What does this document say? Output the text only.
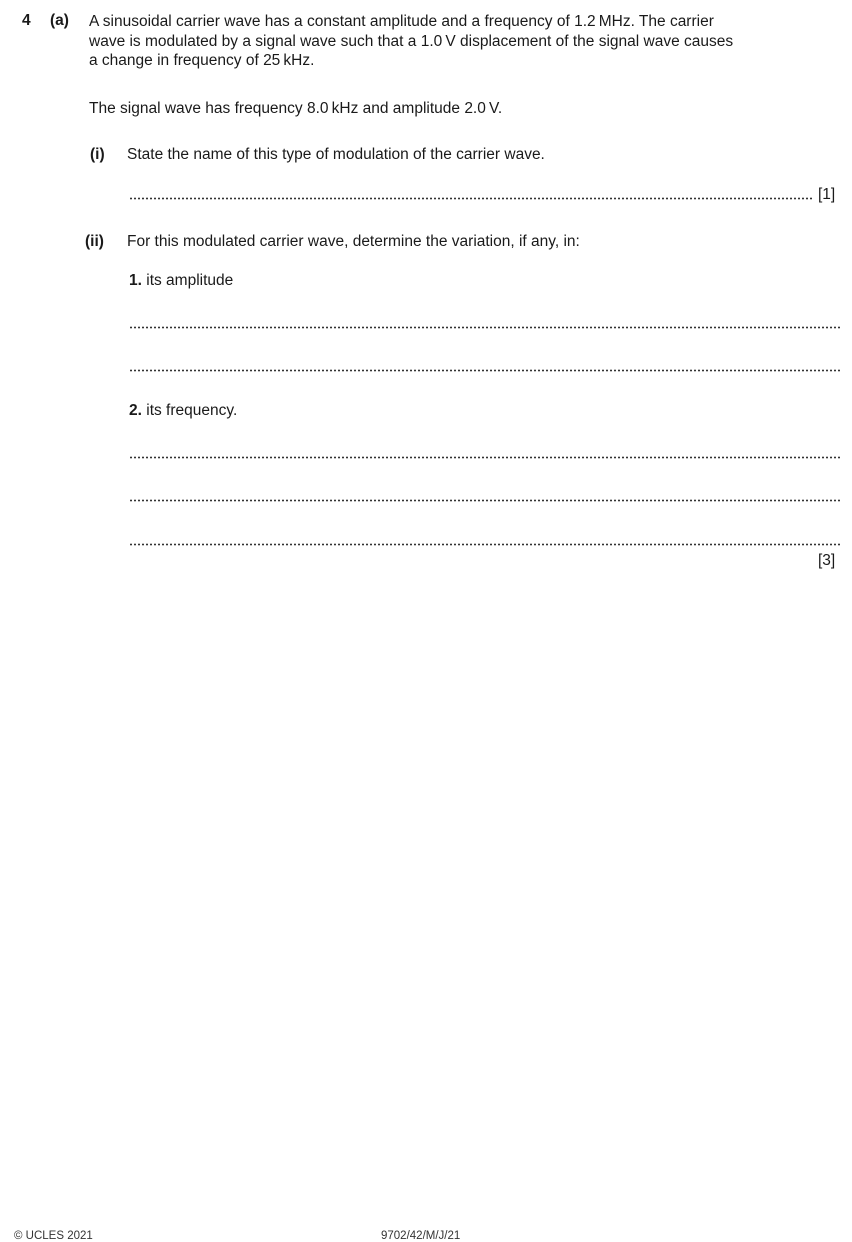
4 (a) A sinusoidal carrier wave has a constant amplitude and a frequency of 1.2 MHz. The carrier
wave is modulated by a signal wave such that a 1.0 V displacement of the signal wave causes
a change in frequency of 25 kHz.
The signal wave has frequency 8.0 kHz and amplitude 2.0 V.
(i) State the name of this type of modulation of the carrier wave.
[1]
(ii) For this modulated carrier wave, determine the variation, if any, in:
1. its amplitude
2. its frequency.
[3]
© UCLES 2021	9702/42/M/J/21
